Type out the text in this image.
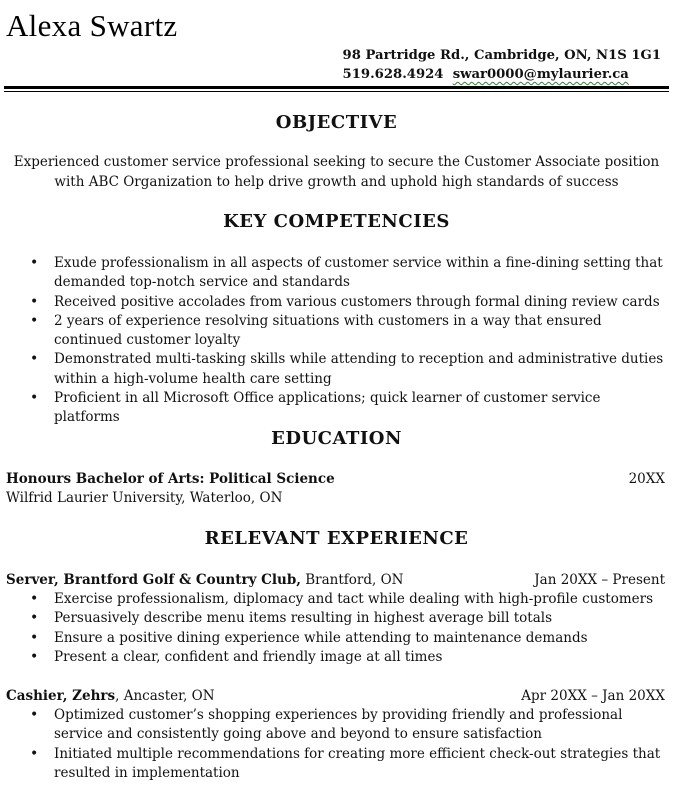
Alexa Swartz
98 Partridge Rd., Cambridge, ON, N1S 1G1
519.628.4924 swar0000@mylaurier.ca
OBJECTIVE
Experienced customer service professional seeking to secure the Customer Associate position
with ABC Organization to help drive growth and uphold high standards of success
KEY COMPETENCIES
• Exude professionalism in all aspects of customer service within a fine-dining setting that demanded top-notch service and standards
• Received positive accolades from various customers through formal dining review cards
• 2 years of experience resolving situations with customers in a way that ensured continued customer loyalty
• Demonstrated multi-tasking skills while attending to reception and administrative duties within a high-volume health care setting
• Proficient in all Microsoft Office applications; quick learner of customer service platforms
EDUCATION
Honours Bachelor of Arts: Political Science	20XX
Wilfrid Laurier University, Waterloo, ON
RELEVANT EXPERIENCE
Server, Brantford Golf & Country Club, Brantford, ON	Jan 20XX – Present
• Exercise professionalism, diplomacy and tact while dealing with high-profile customers
• Persuasively describe menu items resulting in highest average bill totals
• Ensure a positive dining experience while attending to maintenance demands
• Present a clear, confident and friendly image at all times
Cashier, Zehrs, Ancaster, ON	Apr 20XX – Jan 20XX
• Optimized customer’s shopping experiences by providing friendly and professional service and consistently going above and beyond to ensure satisfaction
• Initiated multiple recommendations for creating more efficient check-out strategies that resulted in implementation
